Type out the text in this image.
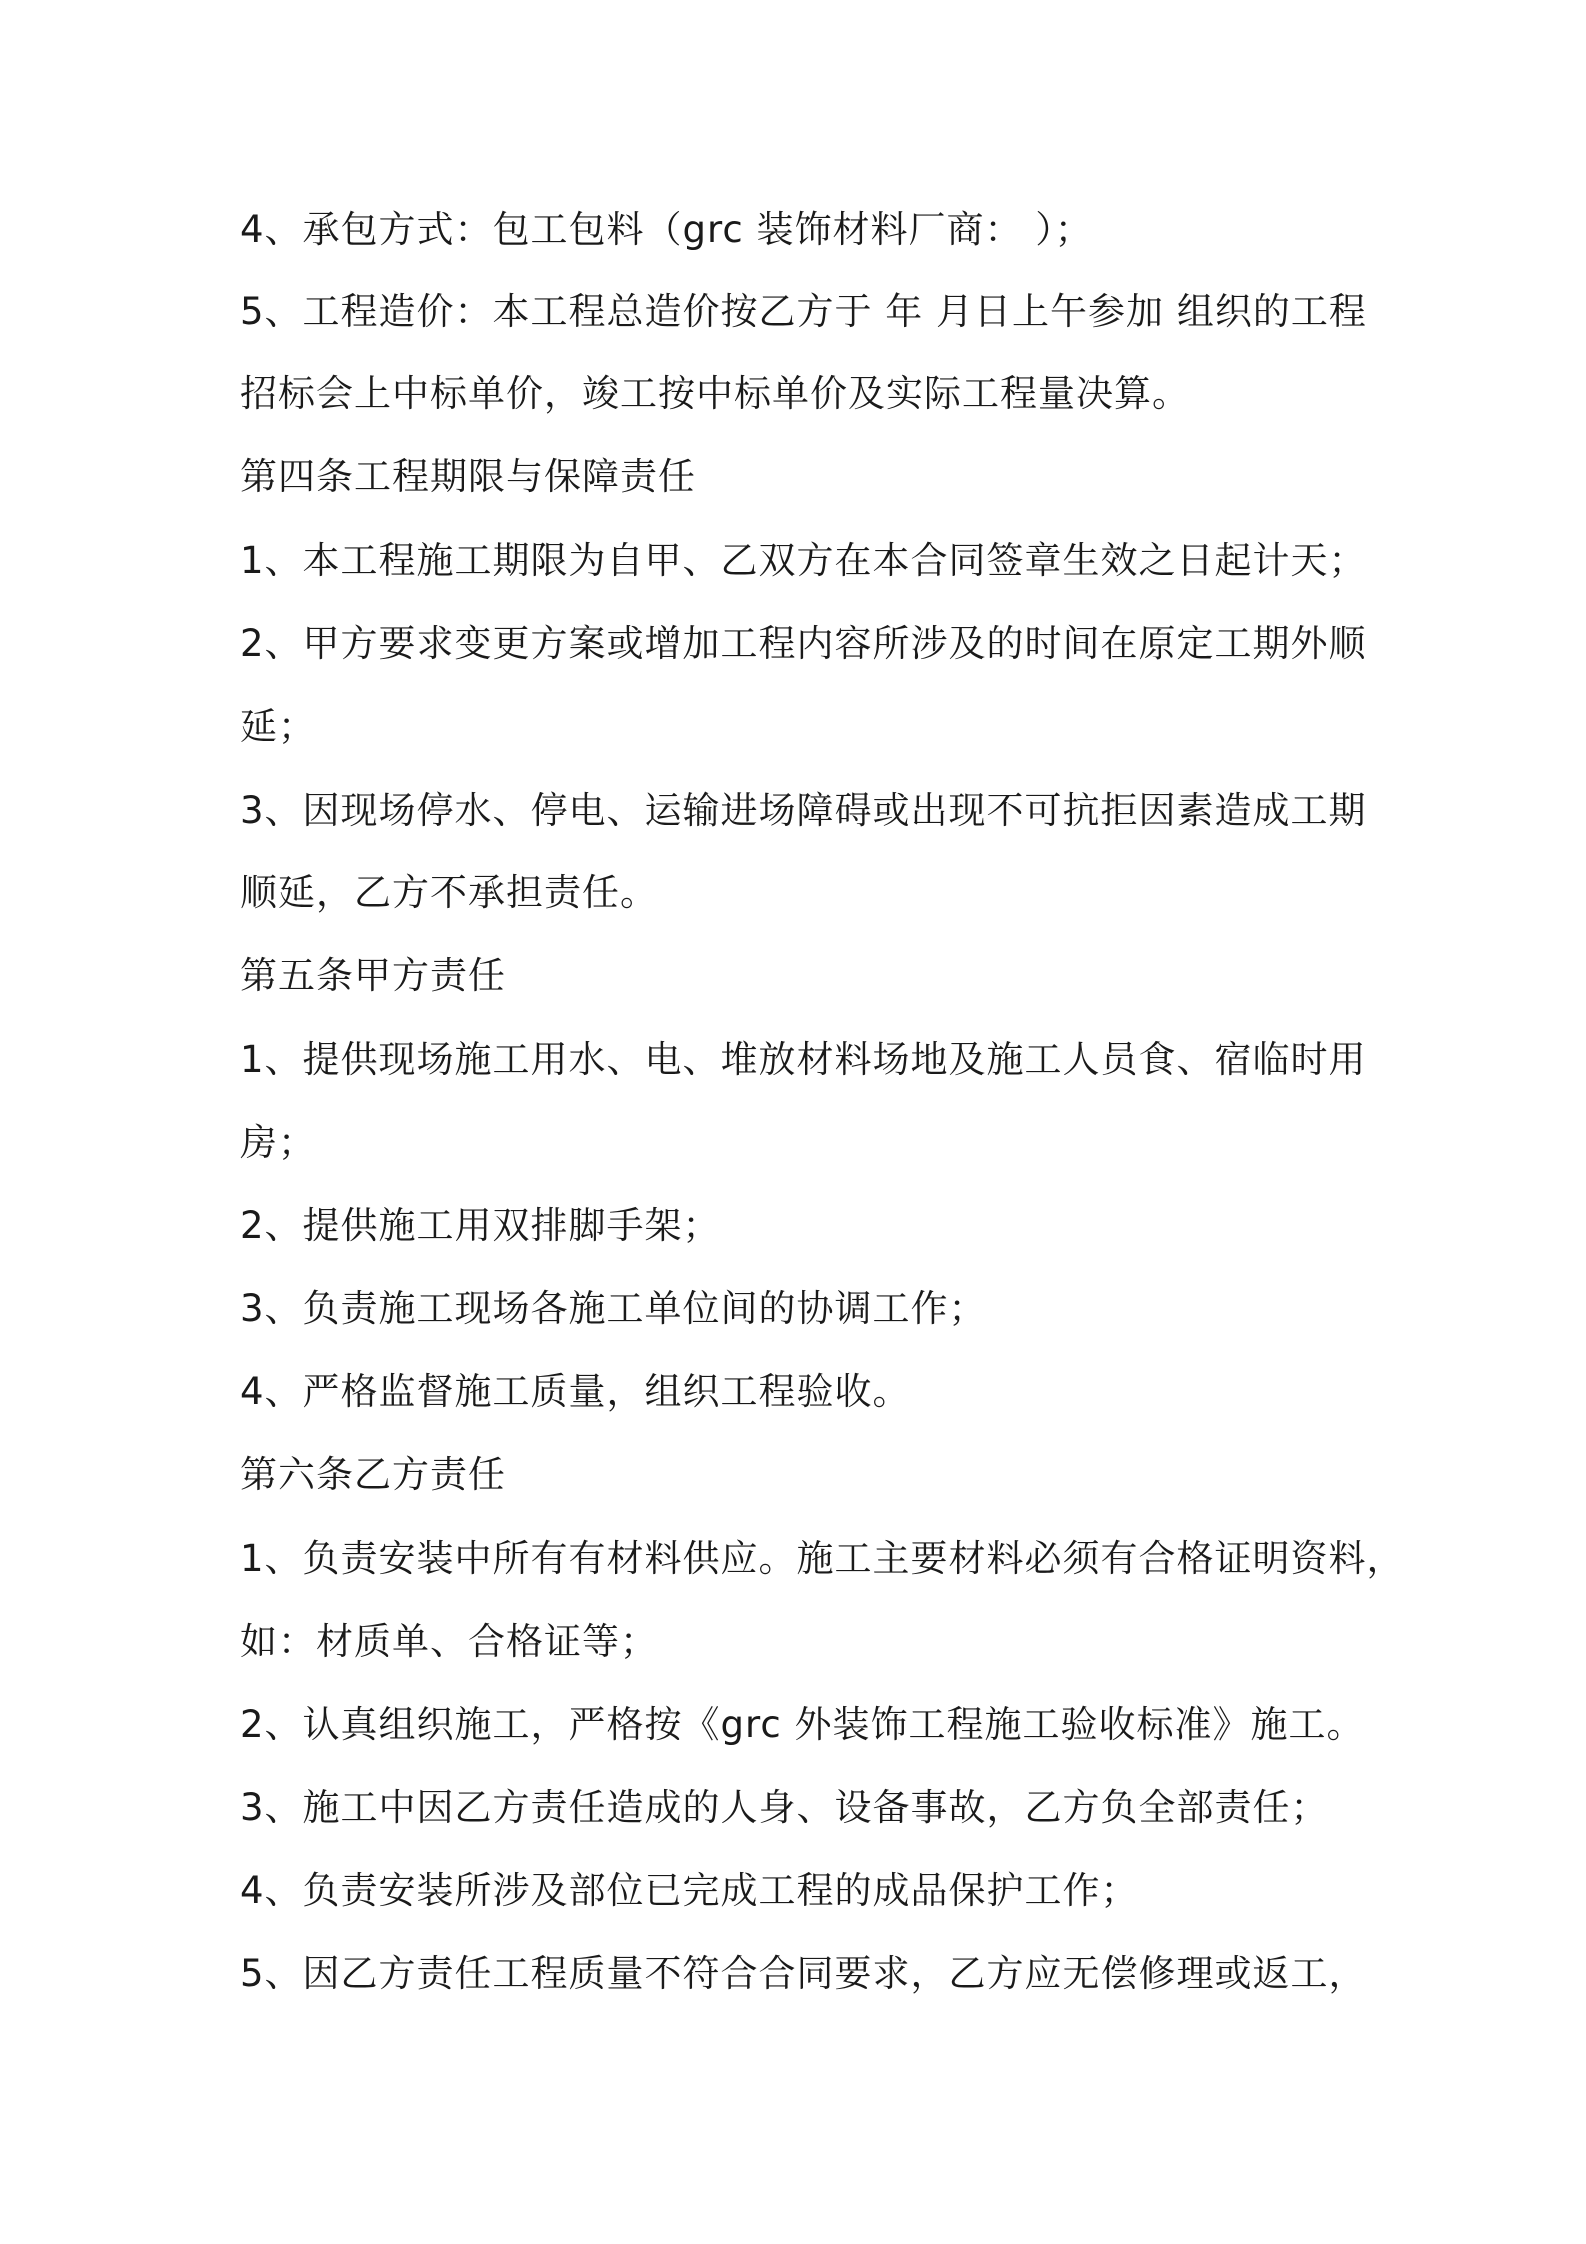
4、承包方式：包工包料（grc 装饰材料厂商： ）；
5、工程造价：本工程总造价按乙方于 年 月日上午参加 组织的工程
招标会上中标单价，竣工按中标单价及实际工程量决算。
第四条工程期限与保障责任
1、本工程施工期限为自甲、乙双方在本合同签章生效之日起计天；
2、甲方要求变更方案或增加工程内容所涉及的时间在原定工期外顺
延；
3、因现场停水、停电、运输进场障碍或出现不可抗拒因素造成工期
顺延，乙方不承担责任。
第五条甲方责任
1、提供现场施工用水、电、堆放材料场地及施工人员食、宿临时用
房；
2、提供施工用双排脚手架；
3、负责施工现场各施工单位间的协调工作；
4、严格监督施工质量，组织工程验收。
第六条乙方责任
1、负责安装中所有有材料供应。施工主要材料必须有合格证明资料，
如：材质单、合格证等；
2、认真组织施工，严格按《grc 外装饰工程施工验收标准》施工。
3、施工中因乙方责任造成的人身、设备事故，乙方负全部责任；
4、负责安装所涉及部位已完成工程的成品保护工作；
5、因乙方责任工程质量不符合合同要求，乙方应无偿修理或返工，
